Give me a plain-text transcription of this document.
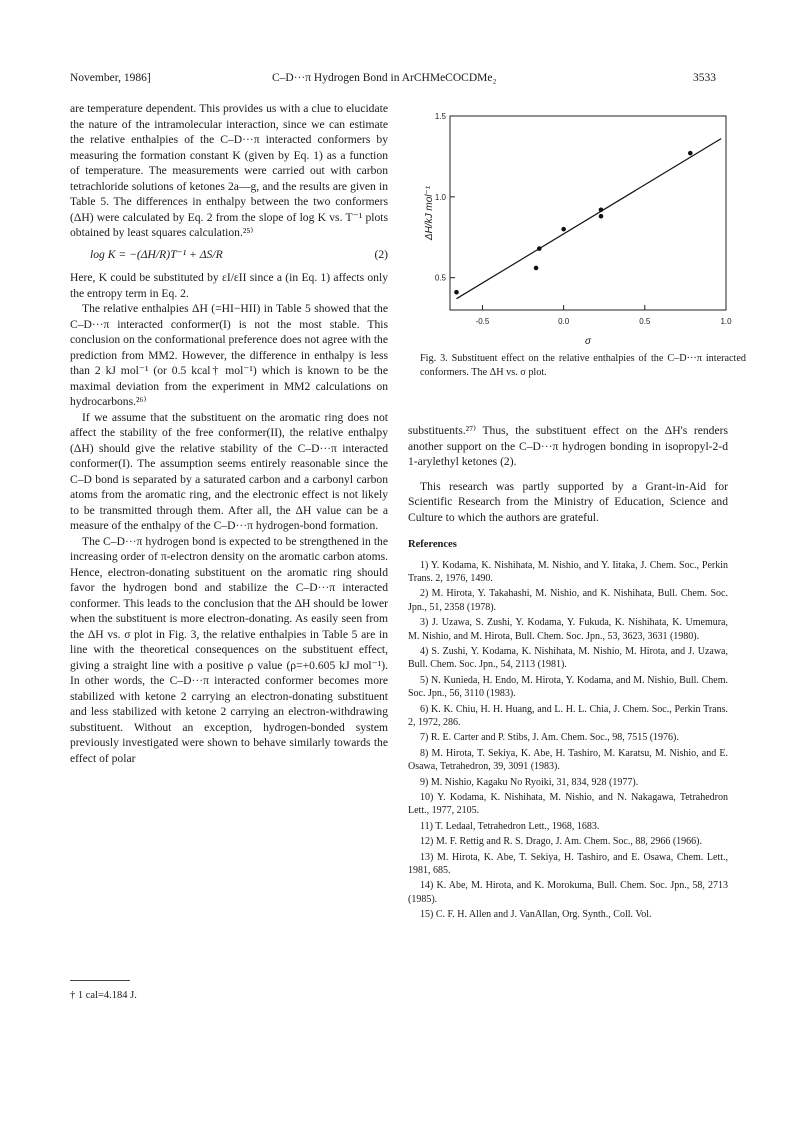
November, 1986]	C–D···π Hydrogen Bond in ArCHMeCOCDMe₂	3533

are temperature dependent. This provides us with a clue to elucidate the nature of the intramolecular interaction, since we can estimate the relative enthalpies of the C–D···π interacted conformers by measuring the formation constant K (given by Eq. 1) as a function of temperature. The measurements were carried out with carbon tetrachloride solutions of ketones 2a—g, and the results are given in Table 5. The differences in enthalpy between the two conformers (ΔH) were calculated by Eq. 2 from the slope of log K vs. T⁻¹ plots obtained by least squares calculation.²⁵⁾

log K = −(ΔH/R)T⁻¹ + ΔS/R	(2)

Here, K could be substituted by εI/εII since a (in Eq. 1) affects only the entropy term in Eq. 2.

The relative enthalpies ΔH (=HI−HII) in Table 5 showed that the C–D···π interacted conformer(I) is not the most stable. This conclusion on the conformational preference does not agree with the prediction from MM2. However, the difference in enthalpy is less than 2 kJ mol⁻¹ (or 0.5 kcal† mol⁻¹) which is known to be the maximal deviation from the experiment in MM2 calculations on hydrocarbons.²⁶⁾

If we assume that the substituent on the aromatic ring does not affect the stability of the free conformer(II), the relative enthalpy (ΔH) should give the relative stability of the C–D···π interacted conformer(I). The assumption seems entirely reasonable since the C–D bond is separated by a saturated carbon and a carbonyl carbon atoms from the aromatic ring, and the electronic effect is not likely to be transmitted through them. After all, the ΔH value can be a measure of the enthalpy of the C–D···π hydrogen-bond formation.

The C–D···π hydrogen bond is expected to be strengthened in the increasing order of π-electron density on the aromatic carbon atoms. Hence, electron-donating substituent on the aromatic ring should favor the hydrogen bond and stabilize the C–D···π interacted conformer. This leads to the conclusion that the ΔH should be lower when the substituent is more electron-donating. As easily seen from the ΔH vs. σ plot in Fig. 3, the relative enthalpies in Table 5 are in line with the theoretical consequences on the substituent effect, giving a straight line with a positive ρ value (ρ=+0.605 kJ mol⁻¹). In other words, the C–D···π interacted conformer becomes more stabilized with ketone 2 carrying an electron-donating substituent and less stabilized with ketone 2 carrying an electron-withdrawing substituent. Without an exception, hydrogen-bonded system previously investigated were shown to behave similarly towards the effect of polar

† 1 cal=4.184 J.
-0.5	0.0	0.5	1.0
0.5
1.0
1.5
ΔH/kJ mol⁻¹
σ
Fig. 3. Substituent effect on the relative enthalpies of the C–D···π interacted conformers. The ΔH vs. σ plot.

substituents.²⁷⁾ Thus, the substituent effect on the ΔH's renders another support on the C–D···π hydrogen bonding in isopropyl-2-d 1-arylethyl ketones (2).

This research was partly supported by a Grant-in-Aid for Scientific Research from the Ministry of Education, Science and Culture to which the authors are grateful.

References

1) Y. Kodama, K. Nishihata, M. Nishio, and Y. Iitaka, J. Chem. Soc., Perkin Trans. 2, 1976, 1490.

2) M. Hirota, Y. Takahashi, M. Nishio, and K. Nishihata, Bull. Chem. Soc. Jpn., 51, 2358 (1978).

3) J. Uzawa, S. Zushi, Y. Kodama, Y. Fukuda, K. Nishihata, K. Umemura, M. Nishio, and M. Hirota, Bull. Chem. Soc. Jpn., 53, 3623, 3631 (1980).

4) S. Zushi, Y. Kodama, K. Nishihata, M. Nishio, M. Hirota, and J. Uzawa, Bull. Chem. Soc. Jpn., 54, 2113 (1981).

5) N. Kunieda, H. Endo, M. Hirota, Y. Kodama, and M. Nishio, Bull. Chem. Soc. Jpn., 56, 3110 (1983).

6) K. K. Chiu, H. H. Huang, and L. H. L. Chia, J. Chem. Soc., Perkin Trans. 2, 1972, 286.

7) R. E. Carter and P. Stibs, J. Am. Chem. Soc., 98, 7515 (1976).

8) M. Hirota, T. Sekiya, K. Abe, H. Tashiro, M. Karatsu, M. Nishio, and E. Osawa, Tetrahedron, 39, 3091 (1983).

9) M. Nishio, Kagaku No Ryoiki, 31, 834, 928 (1977).

10) Y. Kodama, K. Nishihata, M. Nishio, and N. Nakagawa, Tetrahedron Lett., 1977, 2105.

11) T. Ledaal, Tetrahedron Lett., 1968, 1683.

12) M. F. Rettig and R. S. Drago, J. Am. Chem. Soc., 88, 2966 (1966).

13) M. Hirota, K. Abe, T. Sekiya, H. Tashiro, and E. Osawa, Chem. Lett., 1981, 685.

14) K. Abe, M. Hirota, and K. Morokuma, Bull. Chem. Soc. Jpn., 58, 2713 (1985).

15) C. F. H. Allen and J. VanAllan, Org. Synth., Coll. Vol.
